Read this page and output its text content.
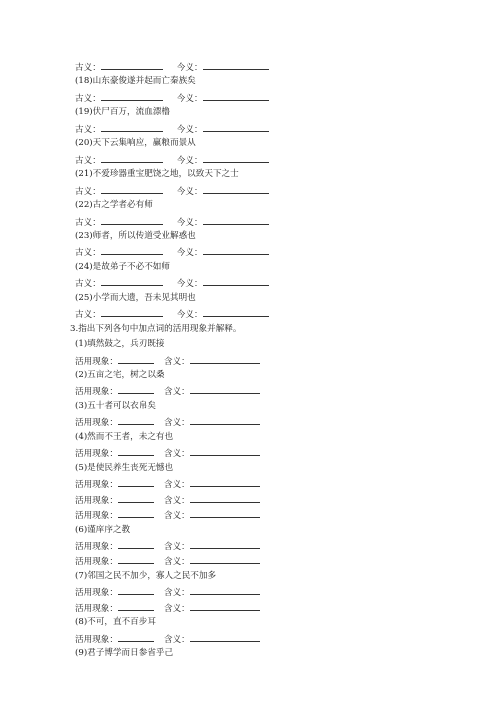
古义：	今义：
(18)山东豪俊遂并起而亡秦族矣
古义：	今义：
(19)伏尸百万，流血漂橹
古义：	今义：
(20)天下云集响应，赢粮而景从
古义：	今义：
(21)不爱珍器重宝肥饶之地，以致天下之士
古义：	今义：
(22)古之学者必有师
古义：	今义：
(23)师者，所以传道受业解惑也
古义：	今义：
(24)是故弟子不必不如师
古义：	今义：
(25)小学而大遗，吾未见其明也
古义：	今义：
3.指出下列各句中加点词的活用现象并解释。
(1)填然鼓之，兵刃既接
活用现象：	含义：
(2)五亩之宅，树之以桑
活用现象：	含义：
(3)五十者可以衣帛矣
活用现象：	含义：
(4)然而不王者，未之有也
活用现象：	含义：
(5)是使民养生丧死无憾也
活用现象：	含义：
活用现象：	含义：
活用现象：	含义：
(6)谨庠序之教
活用现象：	含义：
活用现象：	含义：
(7)邻国之民不加少，寡人之民不加多
活用现象：	含义：
活用现象：	含义：
(8)不可，直不百步耳
活用现象：	含义：
(9)君子博学而日参省乎己
